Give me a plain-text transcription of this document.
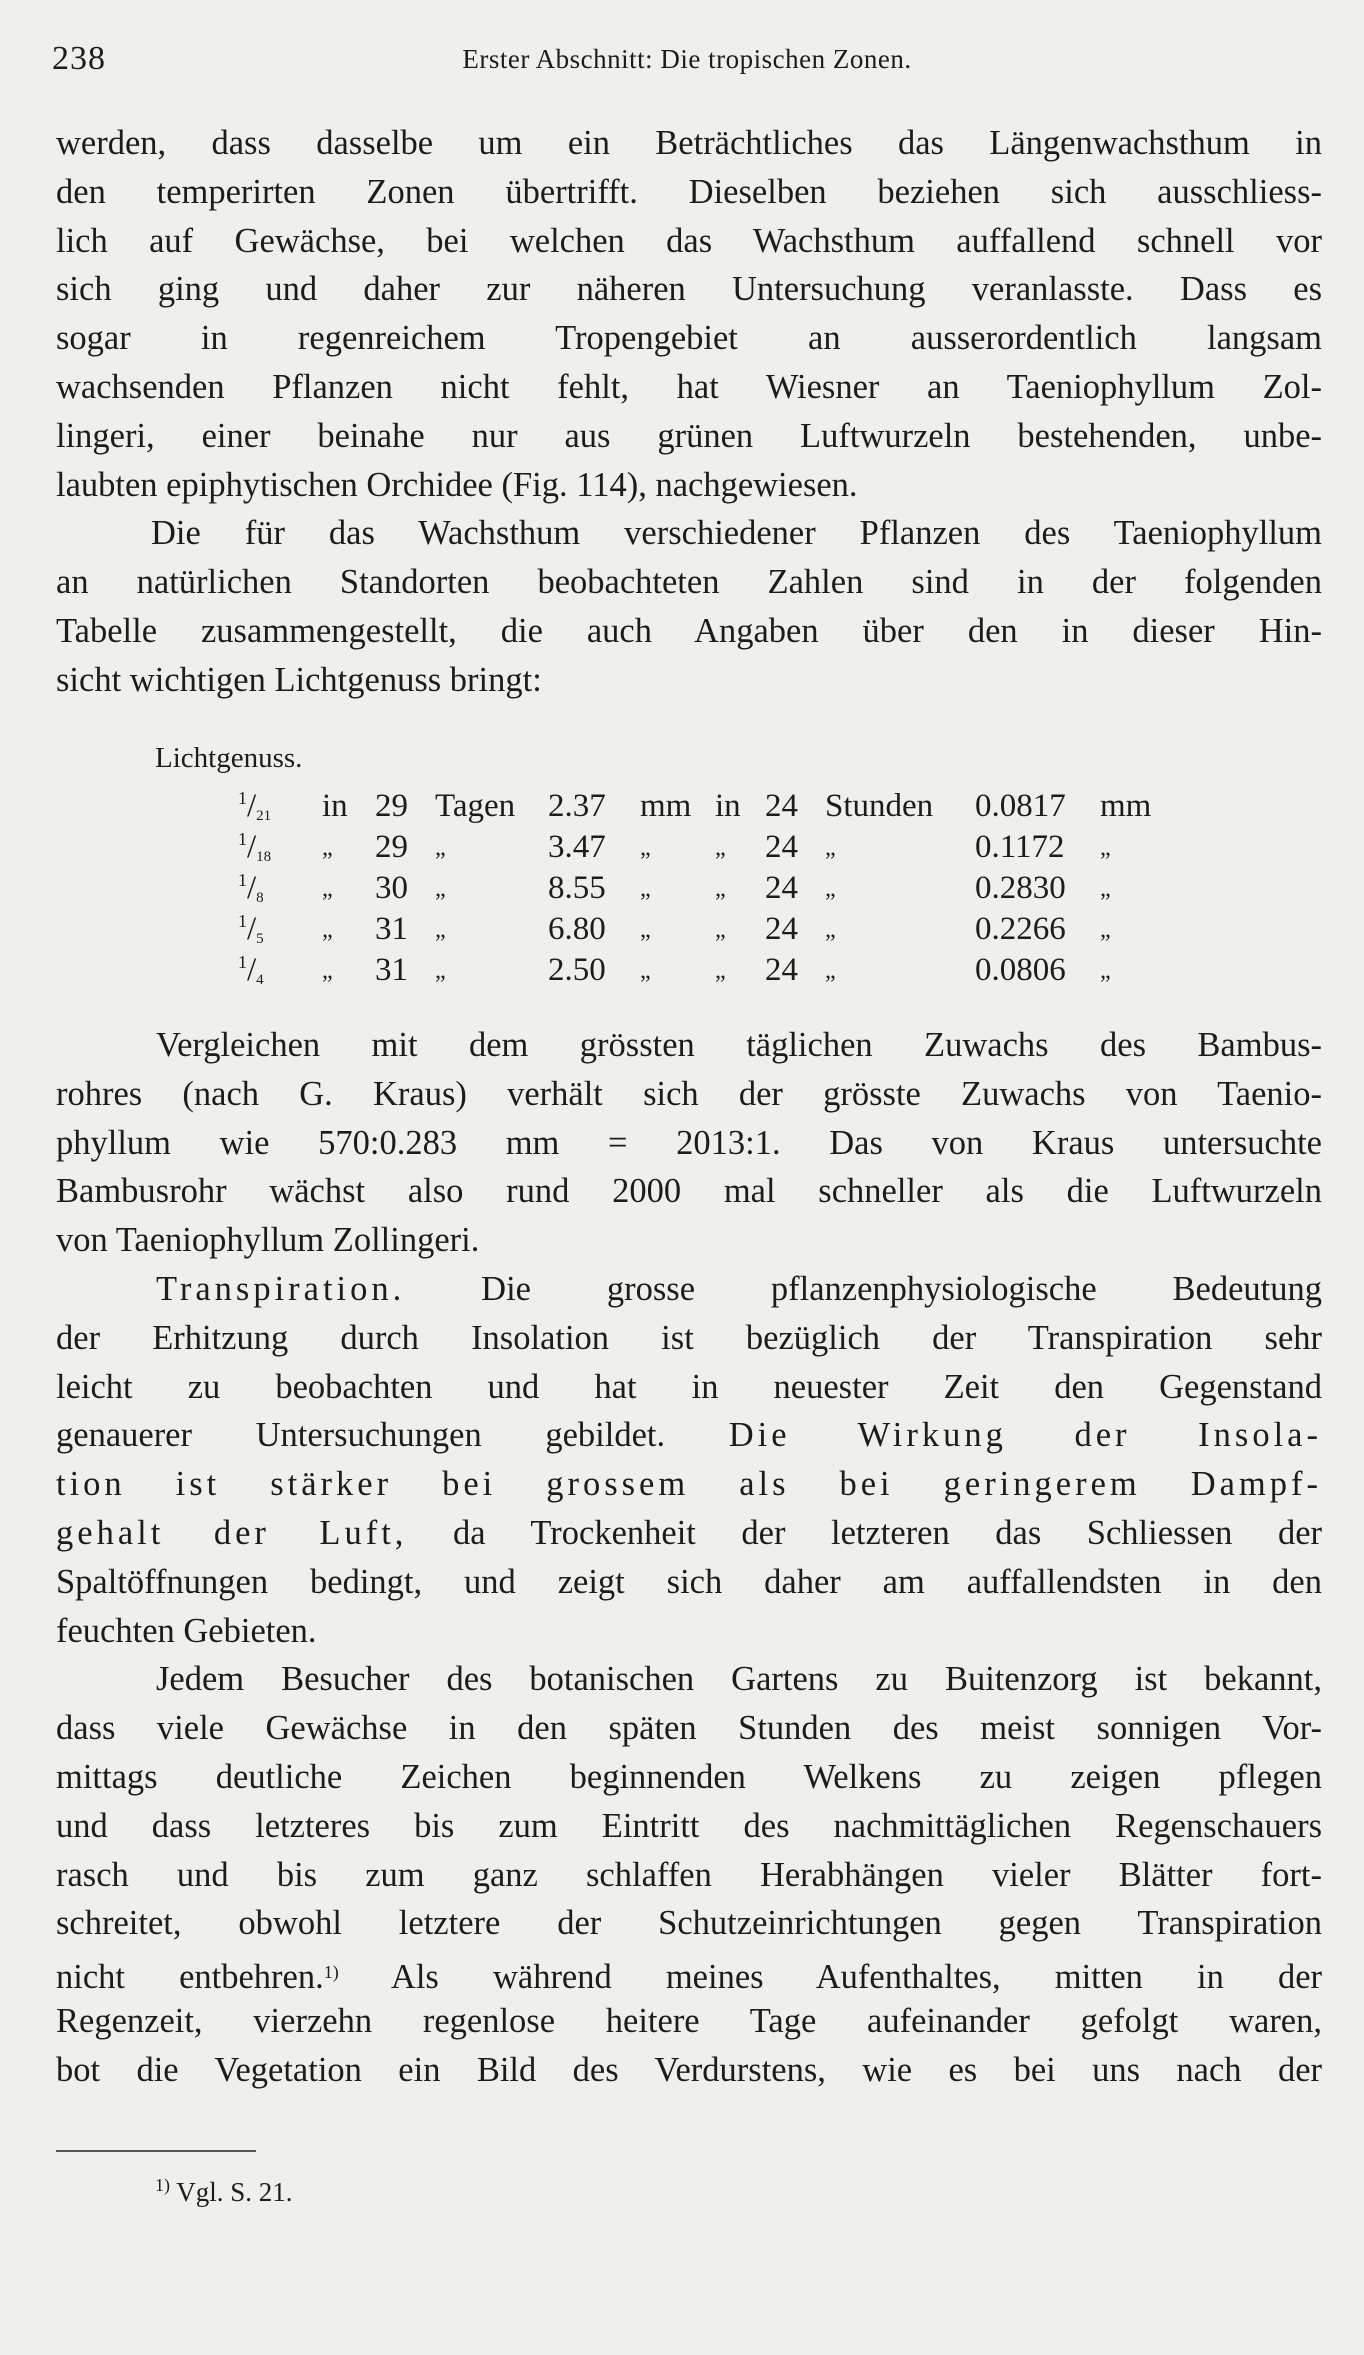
238	Erster Abschnitt: Die tropischen Zonen.
werden, dass dasselbe um ein Beträchtliches das Längenwachsthum in
den temperirten Zonen übertrifft. Dieselben beziehen sich ausschliess-
lich auf Gewächse, bei welchen das Wachsthum auffallend schnell vor
sich ging und daher zur näheren Untersuchung veranlasste. Dass es
sogar in regenreichem Tropengebiet an ausserordentlich langsam
wachsenden Pflanzen nicht fehlt, hat Wiesner an Taeniophyllum Zol-
lingeri, einer beinahe nur aus grünen Luftwurzeln bestehenden, unbe-
laubten epiphytischen Orchidee (Fig. 114), nachgewiesen.
Die für das Wachsthum verschiedener Pflanzen des Taeniophyllum
an natürlichen Standorten beobachteten Zahlen sind in der folgenden
Tabelle zusammengestellt, die auch Angaben über den in dieser Hin-
sicht wichtigen Lichtgenuss bringt:
Lichtgenuss.
$^1/_{21}$ in 29 Tagen 2.37 mm in 24 Stunden 0.0817 mm
$^1/_{18}$ „ 29 „	3.47 „	„ 24 „	0.1172 „
$^1/_8$ „ 30 „	8.55 „	„ 24 „	0.2830 „
$^1/_5$ „ 31 „	6.80 „	„ 24 „	0.2266 „
$^1/_4$ „ 31 „	2.50 „	„ 24 „	0.0806 „
Vergleichen mit dem grössten täglichen Zuwachs des Bambus-
rohres (nach G. Kraus) verhält sich der grösste Zuwachs von Taenio-
phyllum wie 570:0.283 mm = 2013:1. Das von Kraus untersuchte
Bambusrohr wächst also rund 2000 mal schneller als die Luftwurzeln
von Taeniophyllum Zollingeri.
Transpiration. Die grosse pflanzenphysiologische Bedeutung
der Erhitzung durch Insolation ist bezüglich der Transpiration sehr
leicht zu beobachten und hat in neuester Zeit den Gegenstand
genauerer Untersuchungen gebildet. Die Wirkung der Insola-
tion ist stärker bei grossem als bei geringerem Dampf-
gehalt der Luft, da Trockenheit der letzteren das Schliessen der
Spaltöffnungen bedingt, und zeigt sich daher am auffallendsten in den
feuchten Gebieten.
Jedem Besucher des botanischen Gartens zu Buitenzorg ist bekannt,
dass viele Gewächse in den späten Stunden des meist sonnigen Vor-
mittags deutliche Zeichen beginnenden Welkens zu zeigen pflegen
und dass letzteres bis zum Eintritt des nachmittäglichen Regenschauers
rasch und bis zum ganz schlaffen Herabhängen vieler Blätter fort-
schreitet, obwohl letztere der Schutzeinrichtungen gegen Transpiration
nicht entbehren.$^{1)}$ Als während meines Aufenthaltes, mitten in der
Regenzeit, vierzehn regenlose heitere Tage aufeinander gefolgt waren,
bot die Vegetation ein Bild des Verdurstens, wie es bei uns nach der
$^{1)}$ Vgl. S. 21.
